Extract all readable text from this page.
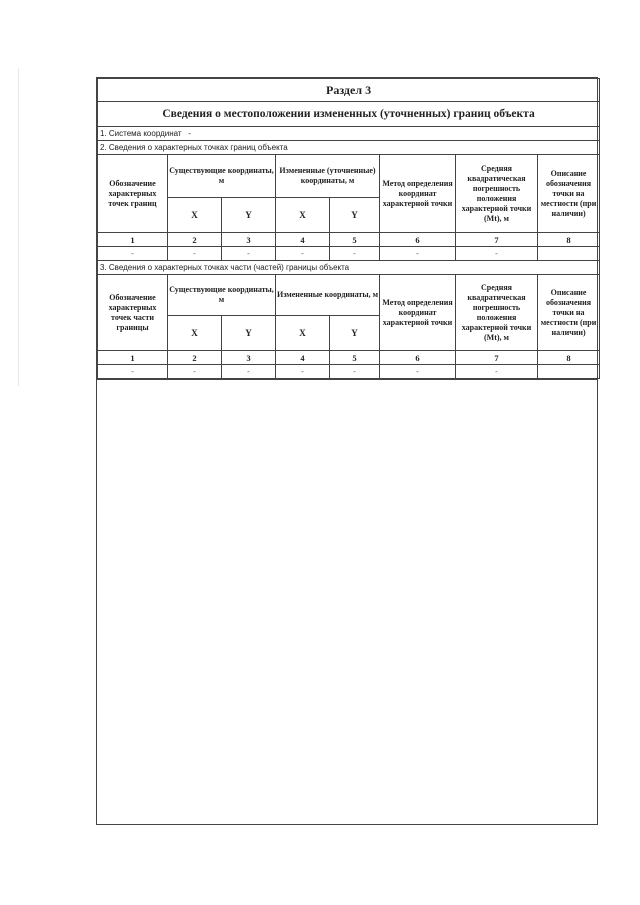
Раздел 3							
Сведения о местоположении измененных (уточненных) границ объекта							
1. Система координат -							
2. Сведения о характерных точках границ объекта							
Обозначение характерных точек границ	Существующие координаты, м		Измененные (уточненные) координаты, м		Метод определения координат характерной точки	Средняя квадратическая погрешность положения характерной точки (Mt), м	Описание обозначения точки на местности (при наличии)
	X	Y	X	Y			
1	2	3	4	5	6	7	8
-	-	-	-	-	-	-	
3. Сведения о характерных точках части (частей) границы объекта							
Обозначение характерных точек части границы	Существующие координаты, м		Измененные координаты, м		Метод определения координат характерной точки	Средняя квадратическая погрешность положения характерной точки (Mt), м	Описание обозначения точки на местности (при наличии)
	X	Y	X	Y			
1	2	3	4	5	6	7	8
-	-	-	-	-	-	-	
